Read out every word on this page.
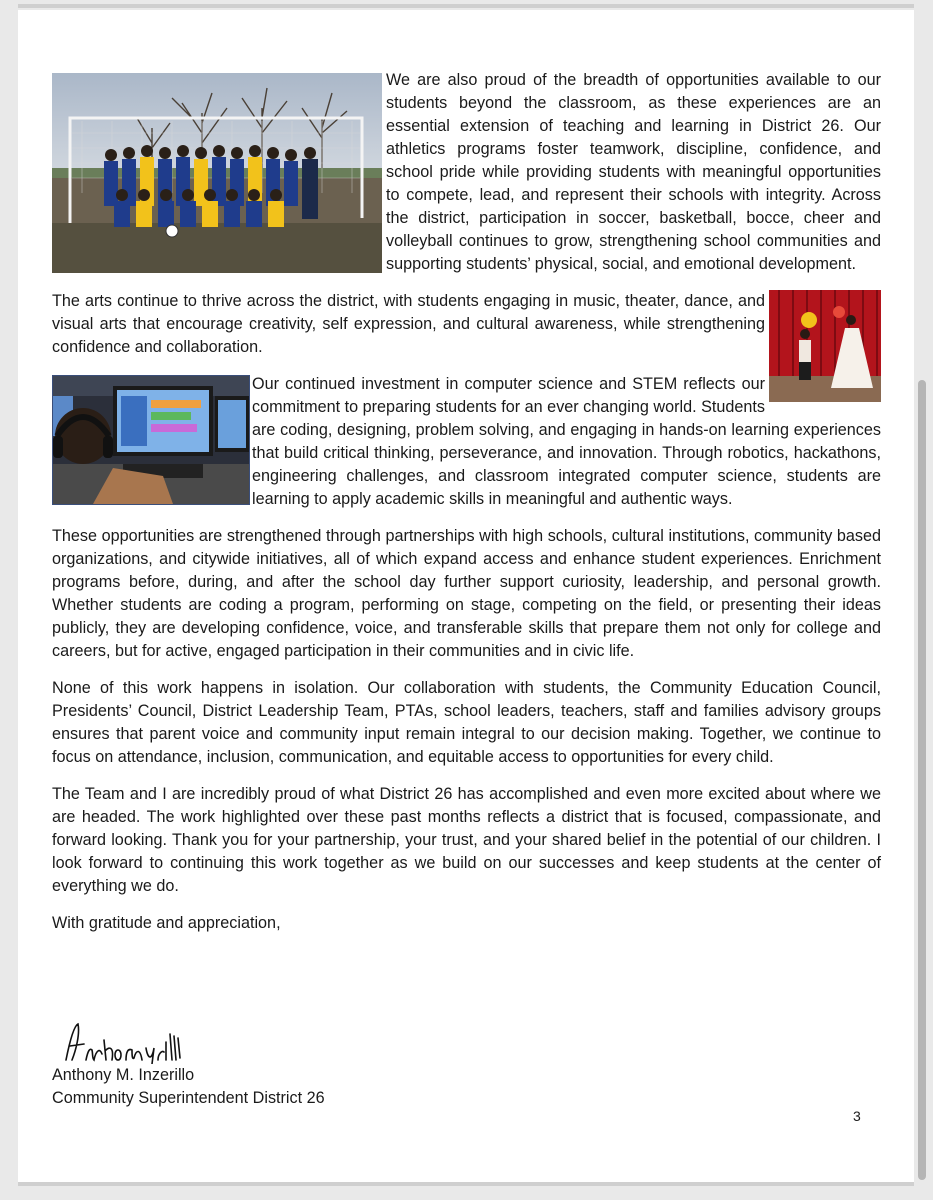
We are also proud of the breadth of opportunities available to our students beyond the classroom, as these experiences are an essential extension of teaching and learning in District 26. Our athletics programs foster teamwork, discipline, confidence, and school pride while providing students with meaningful opportunities to compete, lead, and represent their schools with integrity. Across the district, participation in soccer, basketball, bocce, cheer and volleyball continues to grow, strengthening school communities and supporting students’ physical, social, and emotional development.

The arts continue to thrive across the district, with students engaging in music, theater, dance, and visual arts that encourage creativity, self expression, and cultural awareness, while strengthening confidence and collaboration.

Our continued investment in computer science and STEM reflects our commitment to preparing students for an ever changing world. Students are coding, designing, problem solving, and engaging in hands-on learning experiences that build critical thinking, perseverance, and innovation. Through robotics, hackathons, engineering challenges, and classroom integrated computer science, students are learning to apply academic skills in meaningful and authentic ways.

These opportunities are strengthened through partnerships with high schools, cultural institutions, community based organizations, and citywide initiatives, all of which expand access and enhance student experiences. Enrichment programs before, during, and after the school day further support curiosity, leadership, and personal growth. Whether students are coding a program, performing on stage, competing on the field, or presenting their ideas publicly, they are developing confidence, voice, and transferable skills that prepare them not only for college and careers, but for active, engaged participation in their communities and in civic life.

None of this work happens in isolation. Our collaboration with students, the Community Education Council, Presidents’ Council, District Leadership Team, PTAs, school leaders, teachers, staff and families advisory groups ensures that parent voice and community input remain integral to our decision making. Together, we continue to focus on attendance, inclusion, communication, and equitable access to opportunities for every child.

The Team and I are incredibly proud of what District 26 has accomplished and even more excited about where we are headed. The work highlighted over these past months reflects a district that is focused, compassionate, and forward looking. Thank you for your partnership, your trust, and your shared belief in the potential of our children. I look forward to continuing this work together as we build on our successes and keep students at the center of everything we do.

With gratitude and appreciation,
Anthony M. Inzerillo
Community Superintendent District 26
3
